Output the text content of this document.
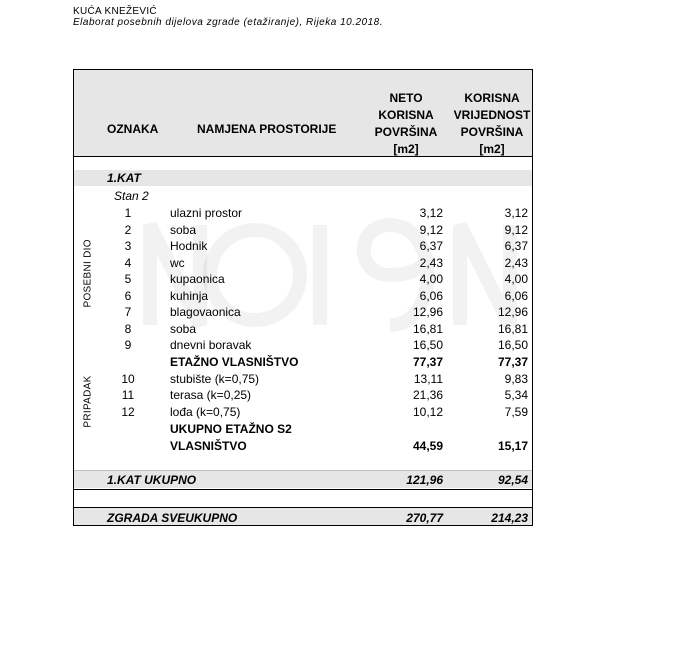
KUĆA KNEŽEVIĆ
Elaborat posebnih dijelova zgrade (etažiranje), Rijeka 10.2018.
OZNAKA	NAMJENA PROSTORIJE
NETO
KORISNA
POVRŠINA
[m2]
KORISNA
VRIJEDNOST
POVRŠINA
[m2]
1.KAT
Stan 2
POSEBNI DIO
PRIPADAK
1	ulazni prostor	3,12	3,12
2	soba	9,12	9,12
3	Hodnik	6,37	6,37
4	wc	2,43	2,43
5	kupaonica	4,00	4,00
6	kuhinja	6,06	6,06
7	blagovaonica	12,96	12,96
8	soba	16,81	16,81
9	dnevni boravak	16,50	16,50
ETAŽNO VLASNIŠTVO	77,37	77,37
10	stubište (k=0,75)	13,11	9,83
11	terasa (k=0,25)	21,36	5,34
12	lođa (k=0,75)	10,12	7,59
UKUPNO ETAŽNO S2
VLASNIŠTVO	44,59	15,17
1.KAT UKUPNO	121,96	92,54
ZGRADA SVEUKUPNO	270,77	214,23
